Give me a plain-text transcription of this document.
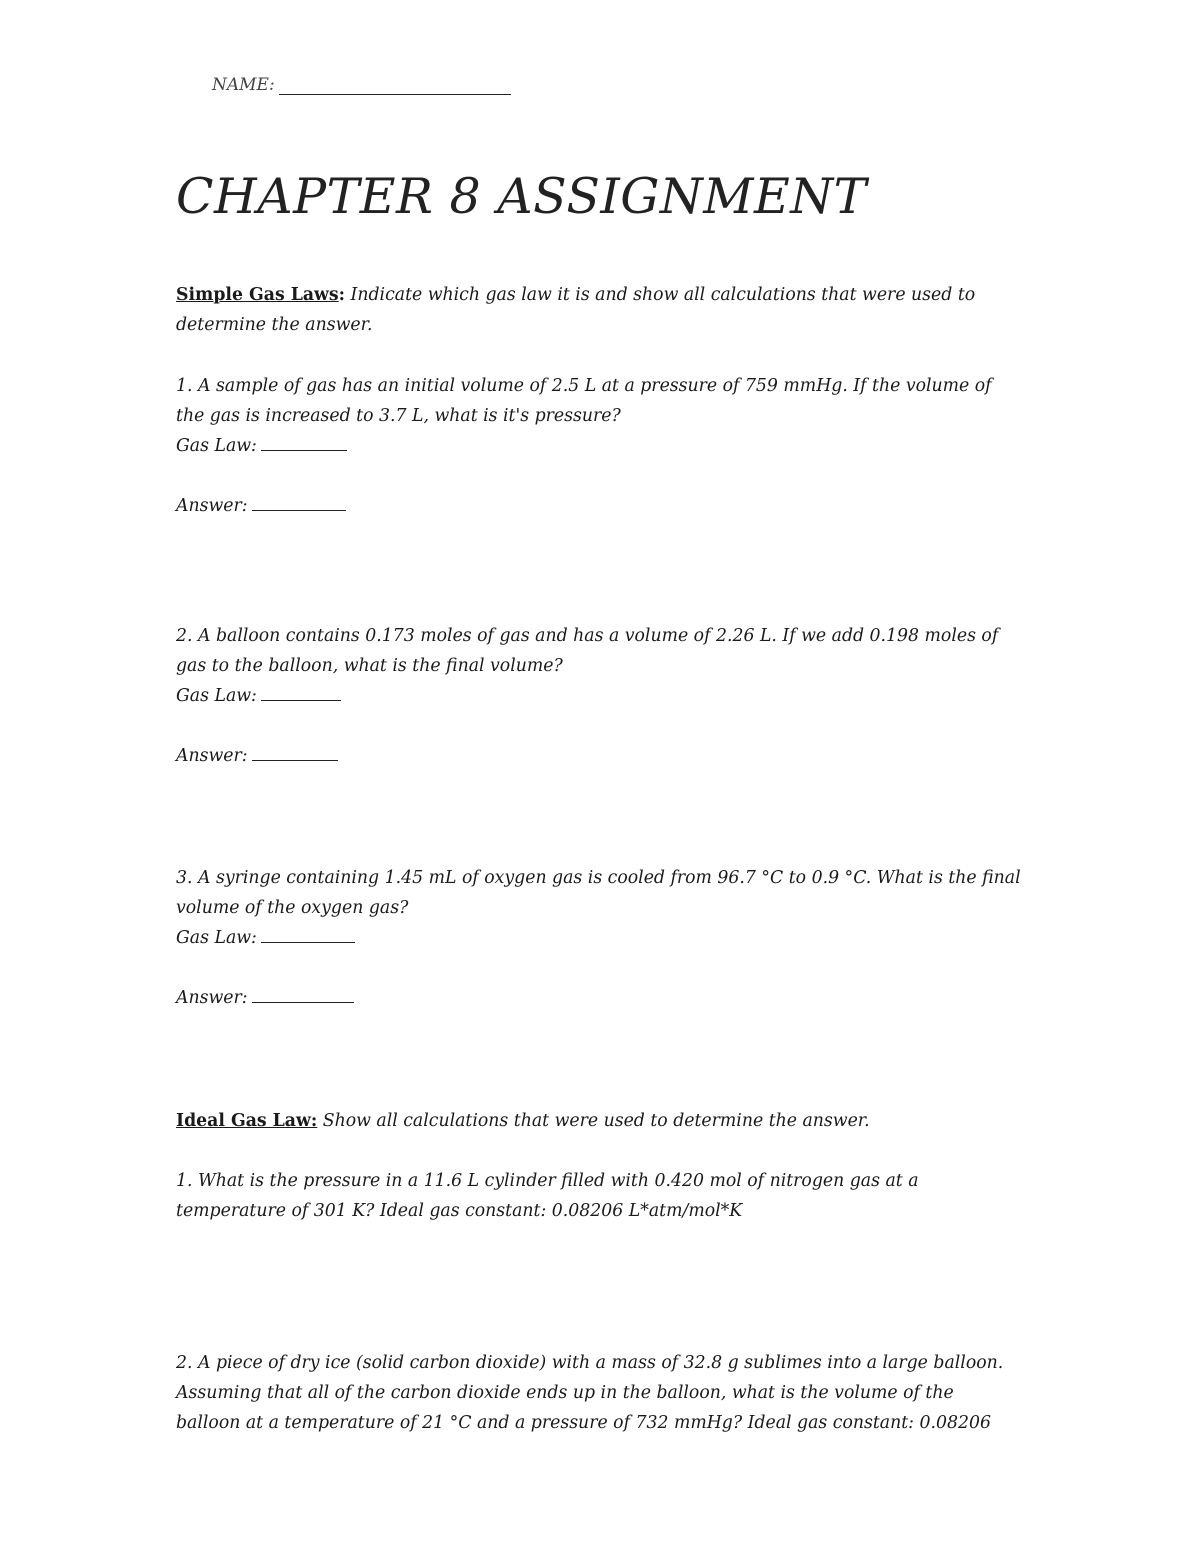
NAME:
CHAPTER 8 ASSIGNMENT
Simple Gas Laws: Indicate which gas law it is and show all calculations that were used to
determine the answer.
1. A sample of gas has an initial volume of 2.5 L at a pressure of 759 mmHg. If the volume of
the gas is increased to 3.7 L, what is it's pressure?
Gas Law:
Answer:
2. A balloon contains 0.173 moles of gas and has a volume of 2.26 L. If we add 0.198 moles of
gas to the balloon, what is the final volume?
Gas Law:
Answer:
3. A syringe containing 1.45 mL of oxygen gas is cooled from 96.7 °C to 0.9 °C. What is the final
volume of the oxygen gas?
Gas Law:
Answer:
Ideal Gas Law: Show all calculations that were used to determine the answer.
1. What is the pressure in a 11.6 L cylinder filled with 0.420 mol of nitrogen gas at a
temperature of 301 K? Ideal gas constant: 0.08206 L*atm/mol*K
2. A piece of dry ice (solid carbon dioxide) with a mass of 32.8 g sublimes into a large balloon.
Assuming that all of the carbon dioxide ends up in the balloon, what is the volume of the
balloon at a temperature of 21 °C and a pressure of 732 mmHg? Ideal gas constant: 0.08206
